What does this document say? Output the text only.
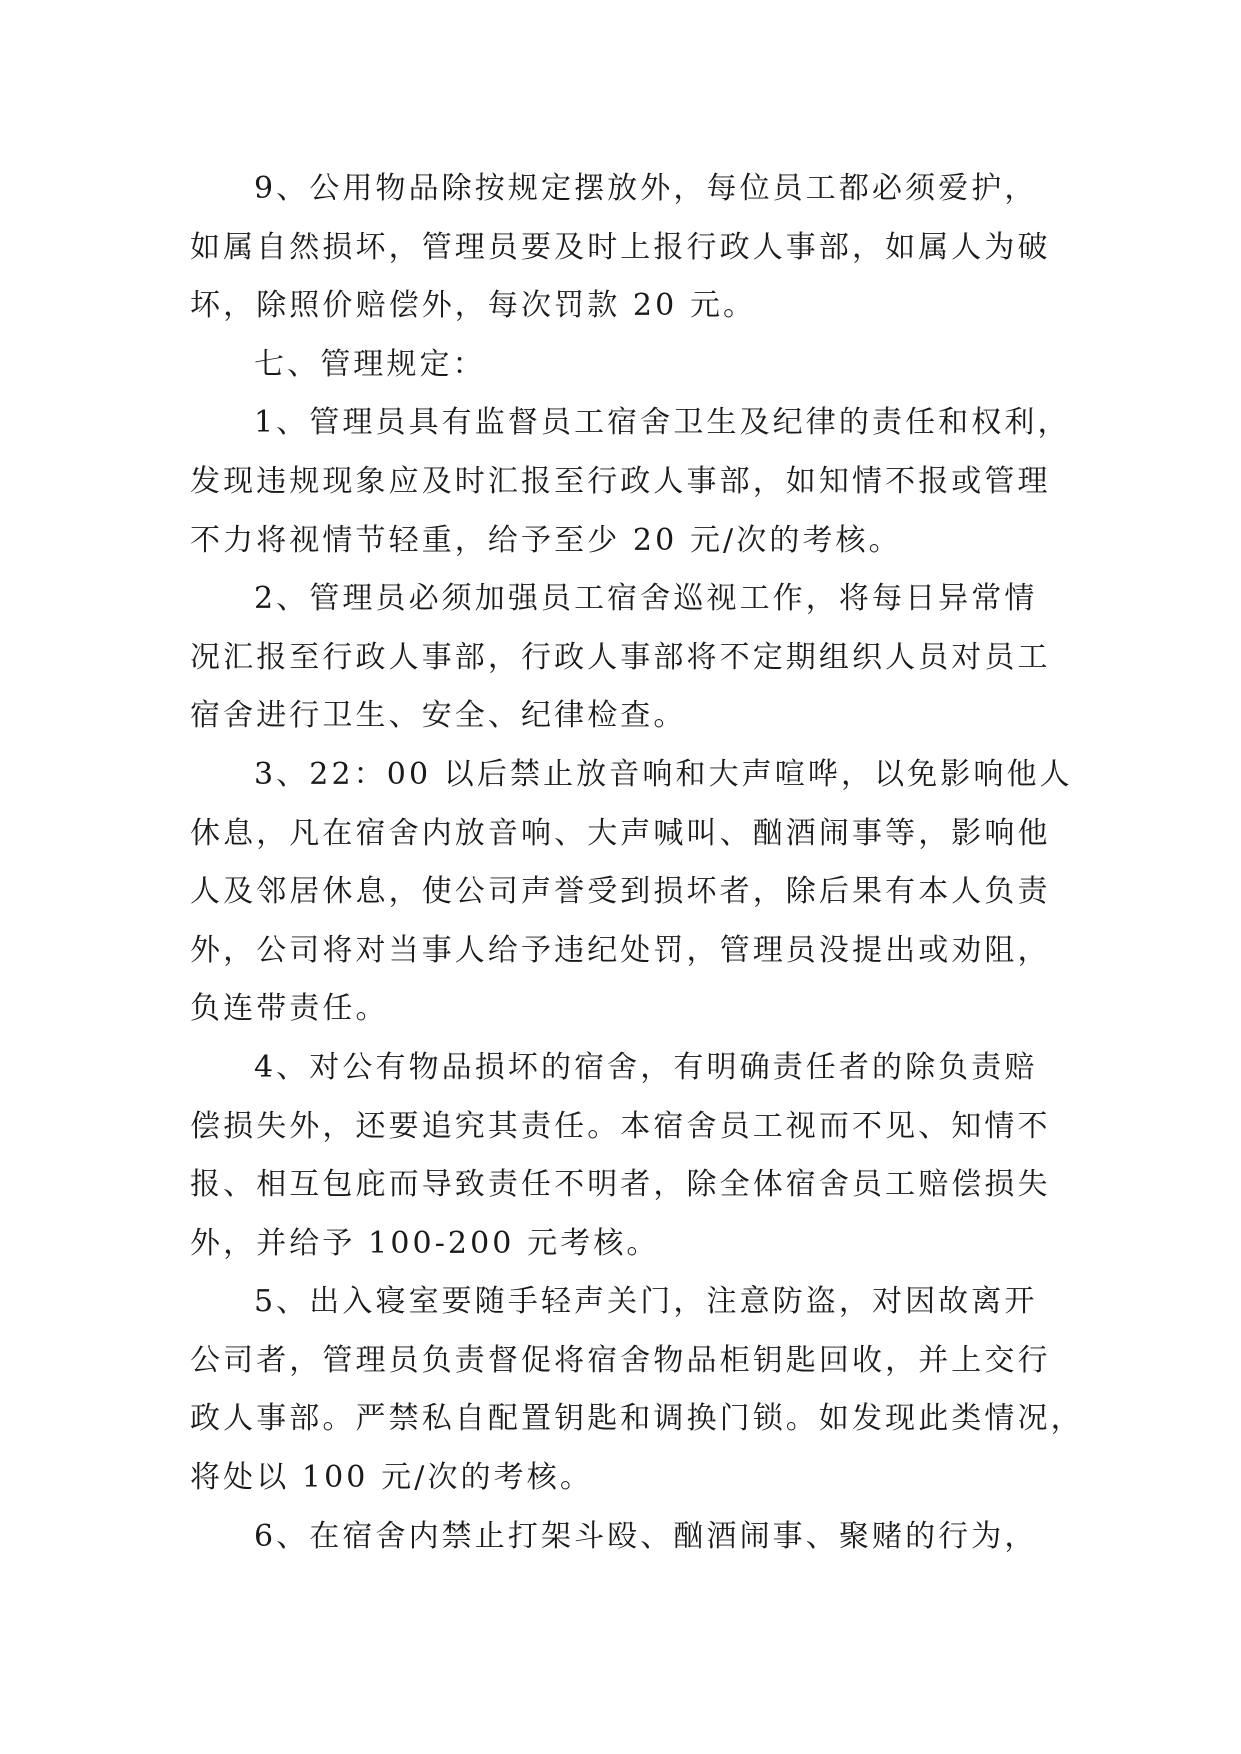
9、公用物品除按规定摆放外，每位员工都必须爱护，
如属自然损坏，管理员要及时上报行政人事部，如属人为破
坏，除照价赔偿外，每次罚款 20 元。
七、管理规定：
1、管理员具有监督员工宿舍卫生及纪律的责任和权利，
发现违规现象应及时汇报至行政人事部，如知情不报或管理
不力将视情节轻重，给予至少 20 元/次的考核。
2、管理员必须加强员工宿舍巡视工作，将每日异常情
况汇报至行政人事部，行政人事部将不定期组织人员对员工
宿舍进行卫生、安全、纪律检查。
3、22：00 以后禁止放音响和大声喧哗，以免影响他人
休息，凡在宿舍内放音响、大声喊叫、酗酒闹事等，影响他
人及邻居休息，使公司声誉受到损坏者，除后果有本人负责
外，公司将对当事人给予违纪处罚，管理员没提出或劝阻，
负连带责任。
4、对公有物品损坏的宿舍，有明确责任者的除负责赔
偿损失外，还要追究其责任。本宿舍员工视而不见、知情不
报、相互包庇而导致责任不明者，除全体宿舍员工赔偿损失
外，并给予 100-200 元考核。
5、出入寝室要随手轻声关门，注意防盗，对因故离开
公司者，管理员负责督促将宿舍物品柜钥匙回收，并上交行
政人事部。严禁私自配置钥匙和调换门锁。如发现此类情况，
将处以 100 元/次的考核。
6、在宿舍内禁止打架斗殴、酗酒闹事、聚赌的行为，
